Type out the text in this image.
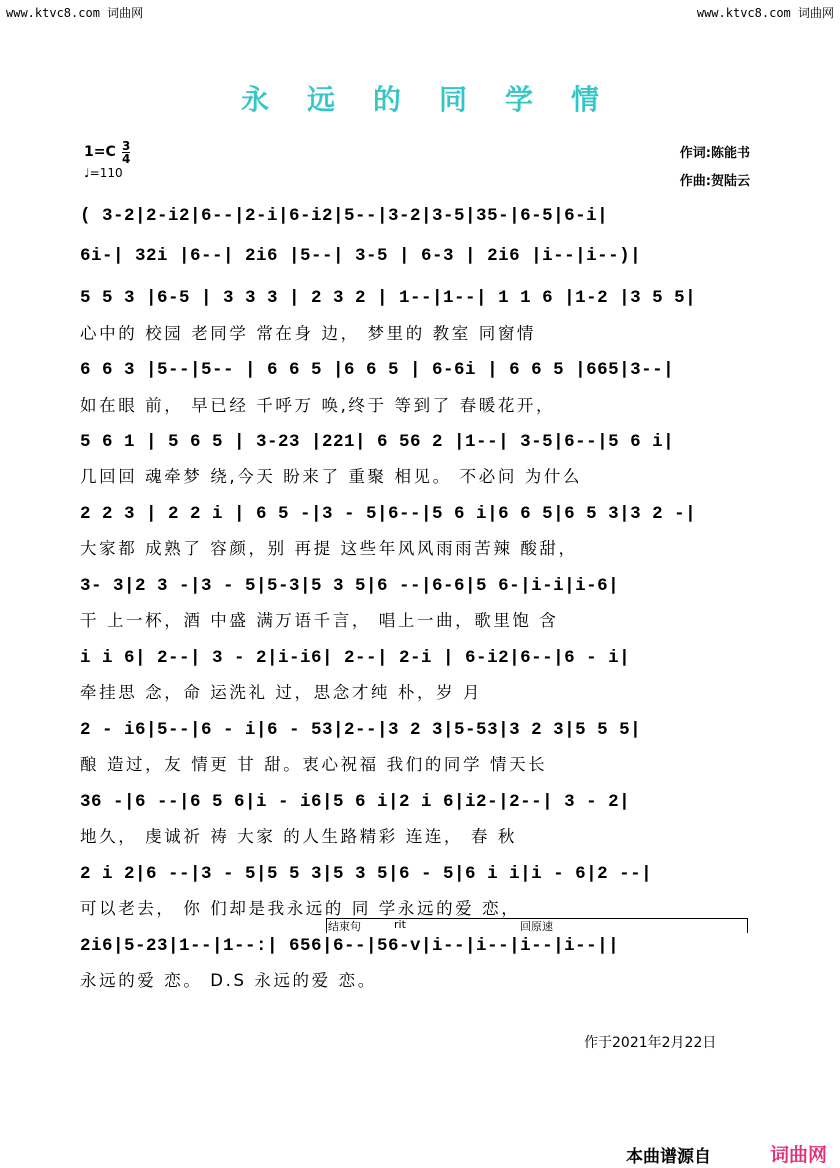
www.ktvc8.com 词曲网	www.ktvc8.com 词曲网
永远的同学情
1=C 3
4
♩=110
作词:陈能书
作曲:贺陆云
( 3-2|2-i2|6--|2-i|6-i2|5--|3-2|3-5|35-|6-5|6-i|
6i-| 32i |6--| 2i6 |5--| 3-5 | 6-3 | 2i6 |i--|i--)|
5 5 3 |6-5 | 3 3 3 | 2 3 2 | 1--|1--| 1 1 6 |1-2 |3 5 5|
心中的 校园 老同学 常在身 边， 梦里的 教室 同窗情
6 6 3 |5--|5-- | 6 6 5 |6 6 5 | 6-6i | 6 6 5 |665|3--|
如在眼 前， 早已经 千呼万 唤,终于 等到了 春暖花开，
5 6 1 | 5 6 5 | 3-23 |221| 6 56 2 |1--| 3-5|6--|5 6 i|
几回回 魂牵梦 绕,今天 盼来了 重聚 相见。 不必问 为什么
2 2 3 | 2 2 i | 6 5 -|3 - 5|6--|5 6 i|6 6 5|6 5 3|3 2 -|
大家都 成熟了 容颜，别 再提 这些年风风雨雨苦辣 酸甜，
3- 3|2 3 -|3 - 5|5-3|5 3 5|6 --|6-6|5 6-|i-i|i-6|
干 上一杯，酒 中盛 满万语千言， 唱上一曲，歌里饱 含
i i 6| 2--| 3 - 2|i-i6| 2--| 2-i | 6-i2|6--|6 - i|
牵挂思 念，命 运洗礼 过，思念才纯 朴，岁 月
2 - i6|5--|6 - i|6 - 53|2--|3 2 3|5-53|3 2 3|5 5 5|
酿 造过，友 情更 甘 甜。衷心祝福 我们的同学 情天长
36 -|6 --|6 5 6|i - i6|5 6 i|2 i 6|i2-|2--| 3 - 2|
地久， 虔诚祈 祷 大家 的人生路精彩 连连， 春 秋
2 i 2|6 --|3 - 5|5 5 3|5 3 5|6 - 5|6 i i|i - 6|2 --|
可以老去， 你 们却是我永远的 同 学永远的爱 恋，
结束句	rit	回原速
2i6|5-23|1--|1--:| 656|6--|56-v|i--|i--|i--|i--||
永远的爱 恋。 D.S 永远的爱 恋。
作于2021年2月22日
本曲谱源自	词曲网
